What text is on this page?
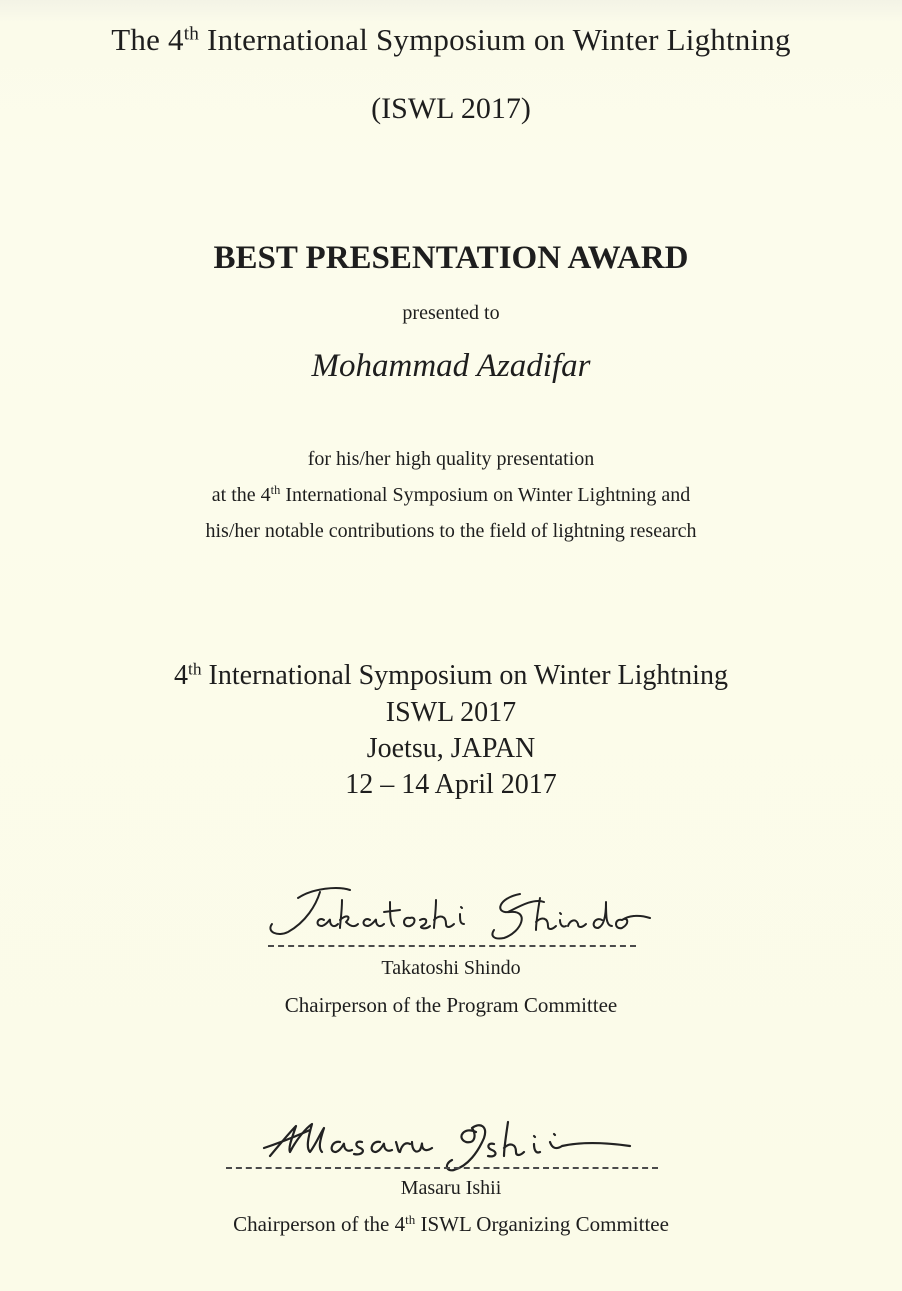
The 4th International Symposium on Winter Lightning
(ISWL 2017)
BEST PRESENTATION AWARD
presented to
Mohammad Azadifar
for his/her high quality presentation
at the 4th International Symposium on Winter Lightning and
his/her notable contributions to the field of lightning research
4th International Symposium on Winter Lightning
ISWL 2017
Joetsu, JAPAN
12 – 14 April 2017
Takatoshi Shindo
Chairperson of the Program Committee
Masaru Ishii
Chairperson of the 4th ISWL Organizing Committee
